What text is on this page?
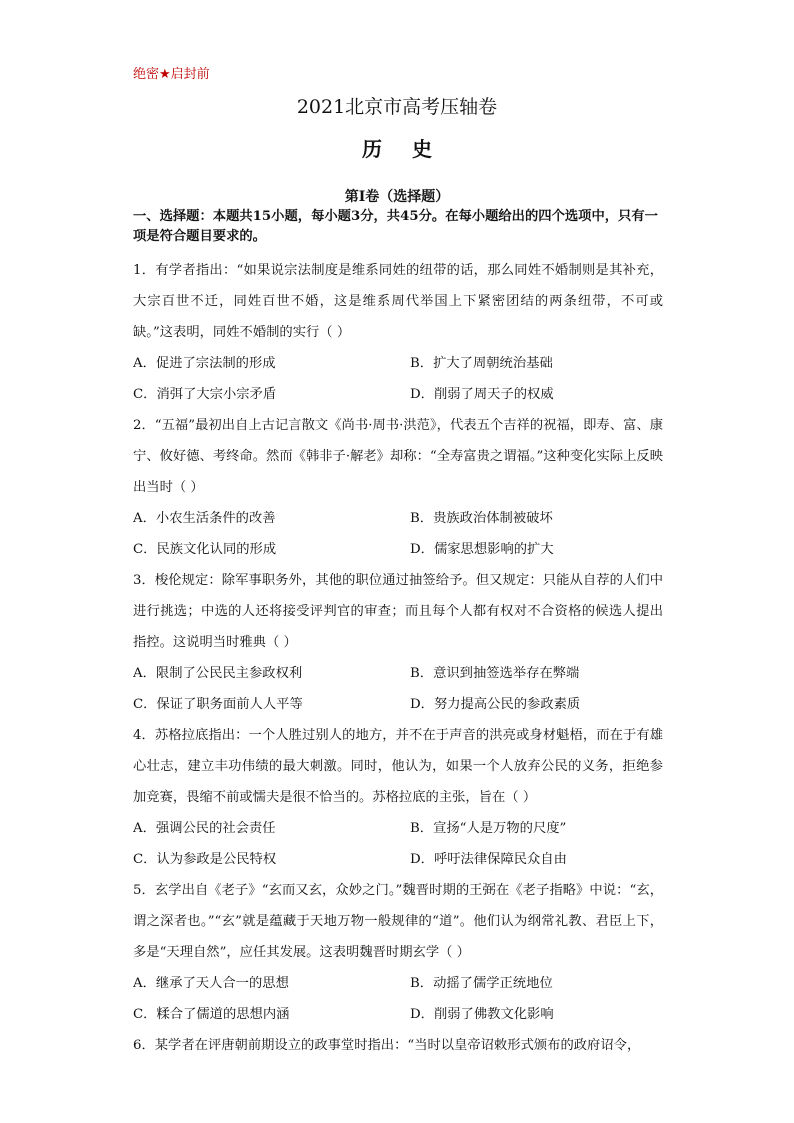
绝密★启封前
2021北京市高考压轴卷
历史
第Ⅰ卷（选择题）
一、选择题：本题共15小题，每小题3分，共45分。在每小题给出的四个选项中，只有一项是符合题目要求的。

1．有学者指出：“如果说宗法制度是维系同姓的纽带的话，那么同姓不婚制则是其补充，大宗百世不迁，同姓百世不婚，这是维系周代举国上下紧密团结的两条纽带，不可或缺。”这表明，同姓不婚制的实行（ ）

A．促进了宗法制的形成	B．扩大了周朝统治基础
C．消弭了大宗小宗矛盾	D．削弱了周天子的权威

2．“五福”最初出自上古记言散文《尚书·周书·洪范》，代表五个吉祥的祝福，即寿、富、康宁、攸好德、考终命。然而《韩非子·解老》却称：“全寿富贵之谓福。”这种变化实际上反映出当时（ ）

A．小农生活条件的改善	B．贵族政治体制被破坏
C．民族文化认同的形成	D．儒家思想影响的扩大

3．梭伦规定：除军事职务外，其他的职位通过抽签给予。但又规定：只能从自荐的人们中进行挑选；中选的人还将接受评判官的审查；而且每个人都有权对不合资格的候选人提出指控。这说明当时雅典（ ）

A．限制了公民民主参政权利	B．意识到抽签选举存在弊端
C．保证了职务面前人人平等	D．努力提高公民的参政素质

4．苏格拉底指出：一个人胜过别人的地方，并不在于声音的洪亮或身材魁梧，而在于有雄心壮志，建立丰功伟绩的最大刺激。同时，他认为，如果一个人放弃公民的义务，拒绝参加竞赛，畏缩不前或懦夫是很不恰当的。苏格拉底的主张，旨在（ ）

A．强调公民的社会责任	B．宣扬“人是万物的尺度”
C．认为参政是公民特权	D．呼吁法律保障民众自由

5．玄学出自《老子》“玄而又玄，众妙之门。”魏晋时期的王弼在《老子指略》中说：“玄，谓之深者也。”“玄”就是蕴藏于天地万物一般规律的“道”。他们认为纲常礼教、君臣上下，多是“天理自然”，应任其发展。这表明魏晋时期玄学（ ）

A．继承了天人合一的思想	B．动摇了儒学正统地位
C．糅合了儒道的思想内涵	D．削弱了佛教文化影响

6．某学者在评唐朝前期设立的政事堂时指出：“当时以皇帝诏敕形式颁布的政府诏令，
